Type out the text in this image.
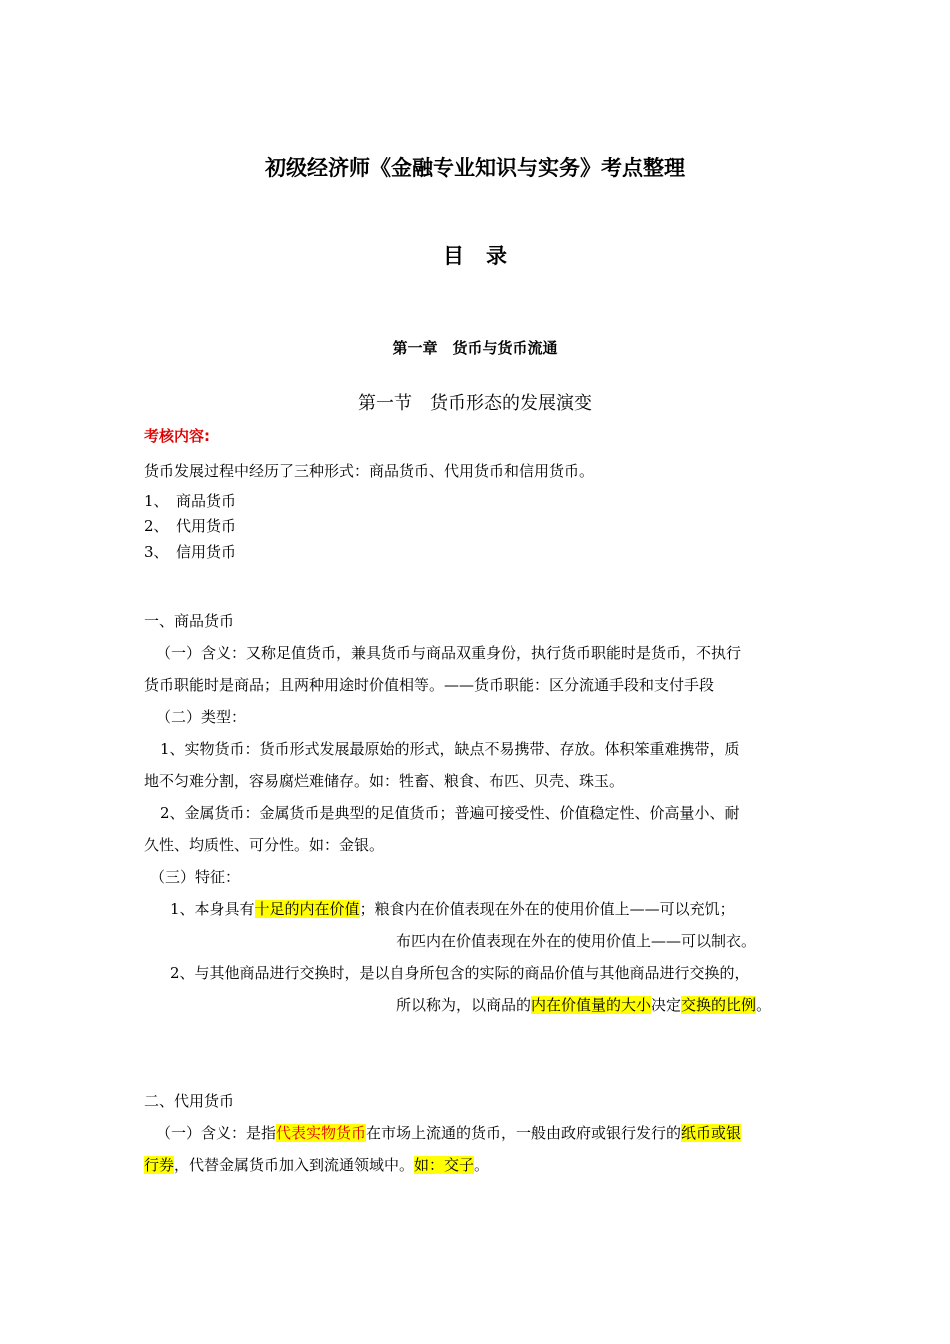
初级经济师《金融专业知识与实务》考点整理
目录
第一章　货币与货币流通
第一节　货币形态的发展演变
考核内容:
货币发展过程中经历了三种形式：商品货币、代用货币和信用货币。
1、　商品货币
2、　代用货币
3、　信用货币
一、商品货币
（一）含义：又称足值货币，兼具货币与商品双重身份，执行货币职能时是货币，不执行
货币职能时是商品；且两种用途时价值相等。——货币职能：区分流通手段和支付手段
（二）类型：
1、实物货币：货币形式发展最原始的形式，缺点不易携带、存放。体积笨重难携带，质
地不匀难分割，容易腐烂难储存。如：牲畜、粮食、布匹、贝壳、珠玉。
2、金属货币：金属货币是典型的足值货币；普遍可接受性、价值稳定性、价高量小、耐
久性、均质性、可分性。如：金银。
（三）特征：
1、本身具有十足的内在价值；粮食内在价值表现在外在的使用价值上——可以充饥；
布匹内在价值表现在外在的使用价值上——可以制衣。
2、与其他商品进行交换时，是以自身所包含的实际的商品价值与其他商品进行交换的，
所以称为，以商品的内在价值量的大小决定交换的比例。
二、代用货币
（一）含义：是指代表实物货币在市场上流通的货币，一般由政府或银行发行的纸币或银
行券，代替金属货币加入到流通领域中。如：交子。
